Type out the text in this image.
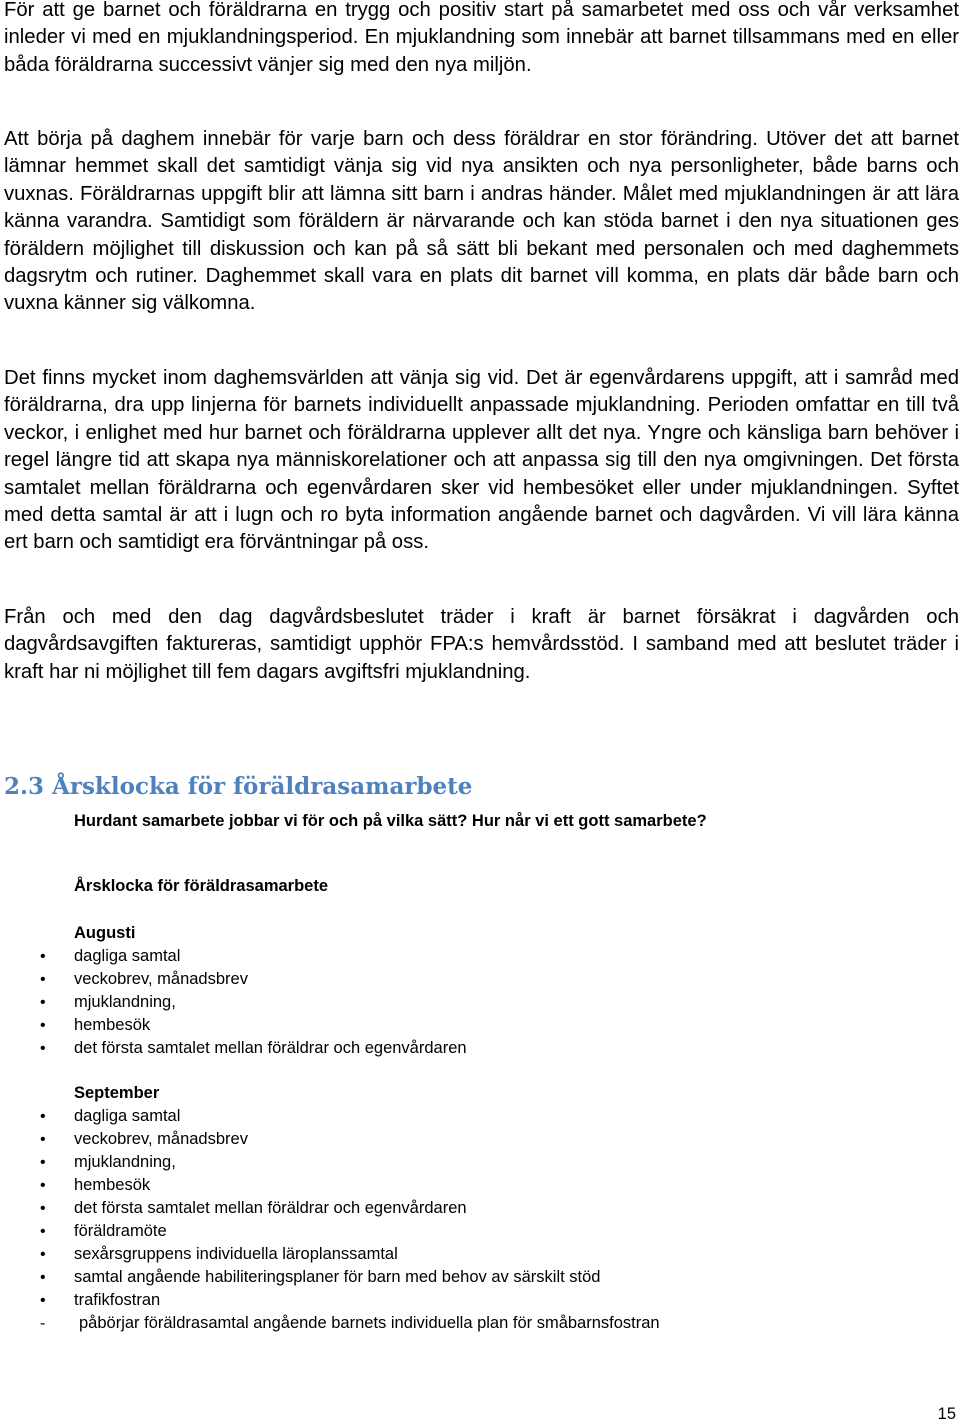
För att ge barnet och föräldrarna en trygg och positiv start på samarbetet med oss och vår verksamhet inleder vi med en mjuklandningsperiod. En mjuklandning som innebär att barnet tillsammans med en eller båda föräldrarna successivt vänjer sig med den nya miljön.

Att börja på daghem innebär för varje barn och dess föräldrar en stor förändring. Utöver det att barnet lämnar hemmet skall det samtidigt vänja sig vid nya ansikten och nya personligheter, både barns och vuxnas. Föräldrarnas uppgift blir att lämna sitt barn i andras händer. Målet med mjuklandningen är att lära känna varandra. Samtidigt som föräldern är närvarande och kan stöda barnet i den nya situationen ges föräldern möjlighet till diskussion och kan på så sätt bli bekant med personalen och med daghemmets dagsrytm och rutiner. Daghemmet skall vara en plats dit barnet vill komma, en plats där både barn och vuxna känner sig välkomna.

Det finns mycket inom daghemsvärlden att vänja sig vid. Det är egenvårdarens uppgift, att i samråd med föräldrarna, dra upp linjerna för barnets individuellt anpassade mjuklandning. Perioden omfattar en till två veckor, i enlighet med hur barnet och föräldrarna upplever allt det nya. Yngre och känsliga barn behöver i regel längre tid att skapa nya människorelationer och att anpassa sig till den nya omgivningen. Det första samtalet mellan föräldrarna och egenvårdaren sker vid hembesöket eller under mjuklandningen. Syftet med detta samtal är att i lugn och ro byta information angående barnet och dagvården. Vi vill lära känna ert barn och samtidigt era förväntningar på oss.

Från och med den dag dagvårdsbeslutet träder i kraft är barnet försäkrat i dagvården och dagvårdsavgiften faktureras, samtidigt upphör FPA:s hemvårdsstöd. I samband med att beslutet träder i kraft har ni möjlighet till fem dagars avgiftsfri mjuklandning.

2.3 Årsklocka för föräldrasamarbete

Hurdant samarbete jobbar vi för och på vilka sätt? Hur når vi ett gott samarbete?

Årsklocka för föräldrasamarbete

Augusti

• dagliga samtal
• veckobrev, månadsbrev
• mjuklandning,
• hembesök
• det första samtalet mellan föräldrar och egenvårdaren

September

• dagliga samtal
• veckobrev, månadsbrev
• mjuklandning,
• hembesök
• det första samtalet mellan föräldrar och egenvårdaren
• föräldramöte
• sexårsgruppens individuella läroplanssamtal
• samtal angående habiliteringsplaner för barn med behov av särskilt stöd
• trafikfostran
- påbörjar föräldrasamtal angående barnets individuella plan för småbarnsfostran

15
